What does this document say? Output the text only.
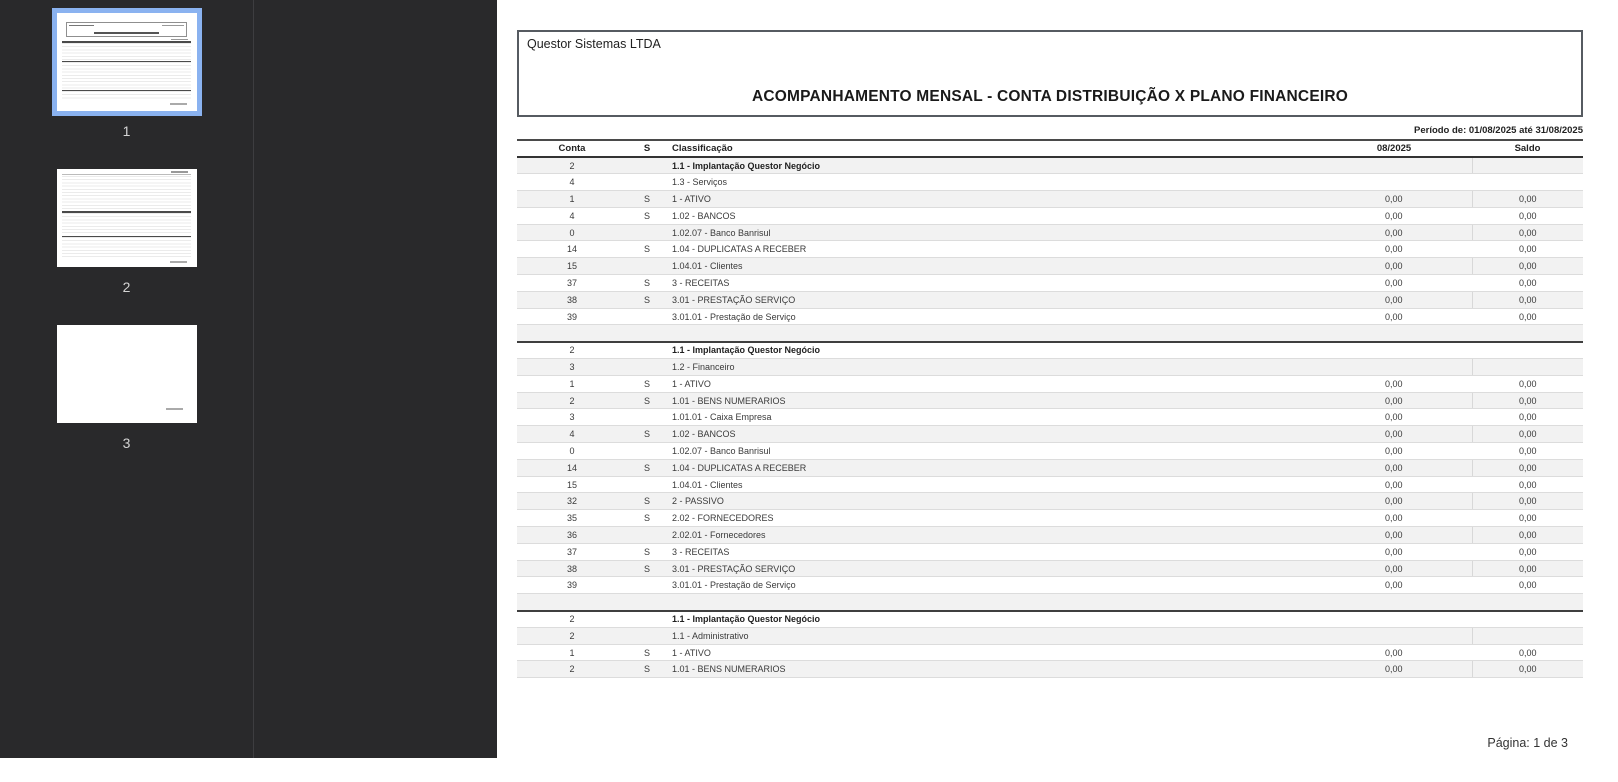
1
2
3
Questor Sistemas LTDA
ACOMPANHAMENTO MENSAL - CONTA DISTRIBUIÇÃO X PLANO FINANCEIRO
Período de: 01/08/2025 até 31/08/2025
Conta	S	Classificação	08/2025	Saldo
2		1.1 - Implantação Questor Negócio		
4		1.3 - Serviços		
1	S	1 - ATIVO	0,00	0,00
4	S	1.02 - BANCOS	0,00	0,00
0		1.02.07 - Banco Banrisul	0,00	0,00
14	S	1.04 - DUPLICATAS A RECEBER	0,00	0,00
15		1.04.01 - Clientes	0,00	0,00
37	S	3 - RECEITAS	0,00	0,00
38	S	3.01 - PRESTAÇÃO SERVIÇO	0,00	0,00
39		3.01.01 - Prestação de Serviço	0,00	0,00

2		1.1 - Implantação Questor Negócio		
3		1.2 - Financeiro		
1	S	1 - ATIVO	0,00	0,00
2	S	1.01 - BENS NUMERARIOS	0,00	0,00
3		1.01.01 - Caixa Empresa	0,00	0,00
4	S	1.02 - BANCOS	0,00	0,00
0		1.02.07 - Banco Banrisul	0,00	0,00
14	S	1.04 - DUPLICATAS A RECEBER	0,00	0,00
15		1.04.01 - Clientes	0,00	0,00
32	S	2 - PASSIVO	0,00	0,00
35	S	2.02 - FORNECEDORES	0,00	0,00
36		2.02.01 - Fornecedores	0,00	0,00
37	S	3 - RECEITAS	0,00	0,00
38	S	3.01 - PRESTAÇÃO SERVIÇO	0,00	0,00
39		3.01.01 - Prestação de Serviço	0,00	0,00

2		1.1 - Implantação Questor Negócio		
2		1.1 - Administrativo		
1	S	1 - ATIVO	0,00	0,00
2	S	1.01 - BENS NUMERARIOS	0,00	0,00
Página: 1 de 3
